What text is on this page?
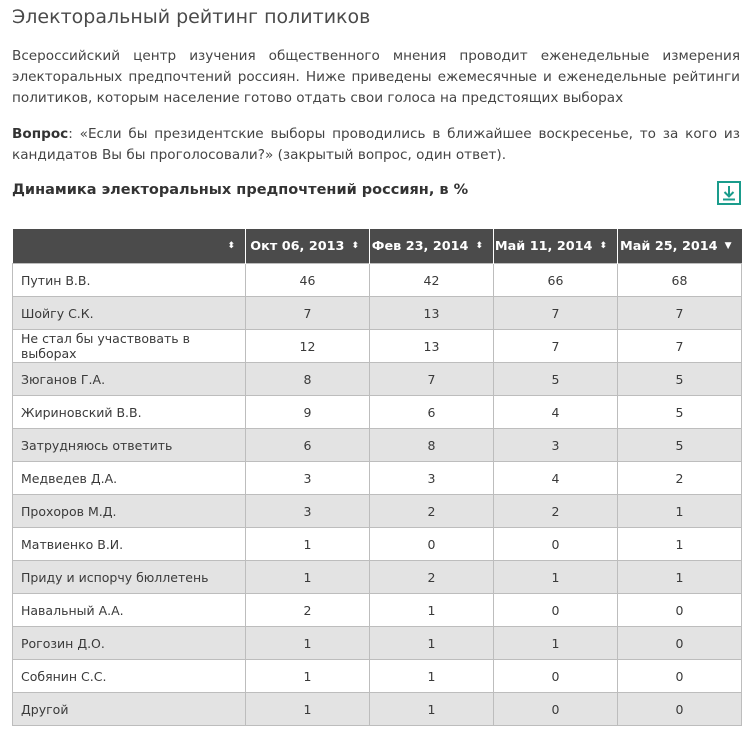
Электоральный рейтинг политиков

Всероссийский центр изучения общественного мнения проводит еженедельные измерения электоральных предпочтений россиян. Ниже приведены ежемесячные и еженедельные рейтинги политиков, которым население готово отдать свои голоса на предстоящих выборах

Вопрос: «Если бы президентские выборы проводились в ближайшее воскресенье, то за кого из кандидатов Вы бы проголосовали?» (закрытый вопрос, один ответ).

Динамика электоральных предпочтений россиян, в %
⬍	Окт 06, 2013 ⬍	Фев 23, 2014 ⬍	Май 11, 2014 ⬍	Май 25, 2014 ▼
Путин В.В.	46	42	66	68
Шойгу С.К.	7	13	7	7
Не стал бы участвовать в выборах	12	13	7	7
Зюганов Г.А.	8	7	5	5
Жириновский В.В.	9	6	4	5
Затрудняюсь ответить	6	8	3	5
Медведев Д.А.	3	3	4	2
Прохоров М.Д.	3	2	2	1
Матвиенко В.И.	1	0	0	1
Приду и испорчу бюллетень	1	2	1	1
Навальный А.А.	2	1	0	0
Рогозин Д.О.	1	1	1	0
Собянин С.С.	1	1	0	0
Другой	1	1	0	0
